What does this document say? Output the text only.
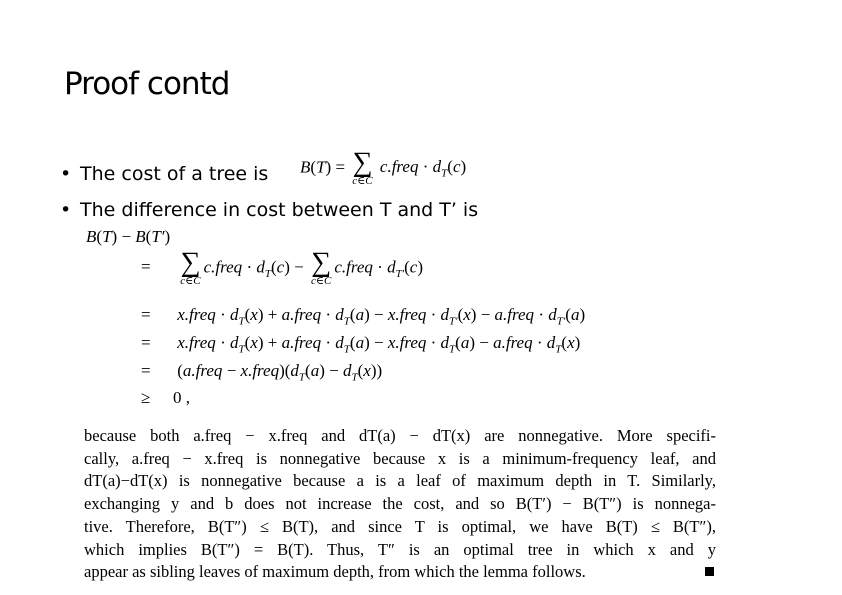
Proof contd
• The cost of a tree is
• The difference in cost between T and T’ is
B(T) = ∑
c∈C
c.freq · $d_T(c)$
B(T) − B(T′)
= ∑
c∈C
c.freq · $d_T(c)$ − ∑
c∈C
c.freq · $d_{T'}(c)$
= x.freq · $d_T(x)$ + a.freq · $d_T(a)$ − x.freq · $d_{T'}(x)$ − a.freq · $d_{T'}(a)$
= x.freq · $d_T(x)$ + a.freq · $d_T(a)$ − x.freq · $d_T(a)$ − a.freq · $d_T(x)$
= (a.freq − $x.freq)(d_T(a) - d_T(x))$
≥ 0 ,
because both a.freq − x.freq and dT(a) − dT(x) are nonnegative. More specifi-
cally, a.freq − x.freq is nonnegative because x is a minimum-frequency leaf, and
dT(a)−dT(x) is nonnegative because a is a leaf of maximum depth in T. Similarly,
exchanging y and b does not increase the cost, and so B(T′) − B(T″) is nonnega-
tive. Therefore, B(T″) ≤ B(T), and since T is optimal, we have B(T) ≤ B(T″),
which implies B(T″) = B(T). Thus, T″ is an optimal tree in which x and y
appear as sibling leaves of maximum depth, from which the lemma follows.
